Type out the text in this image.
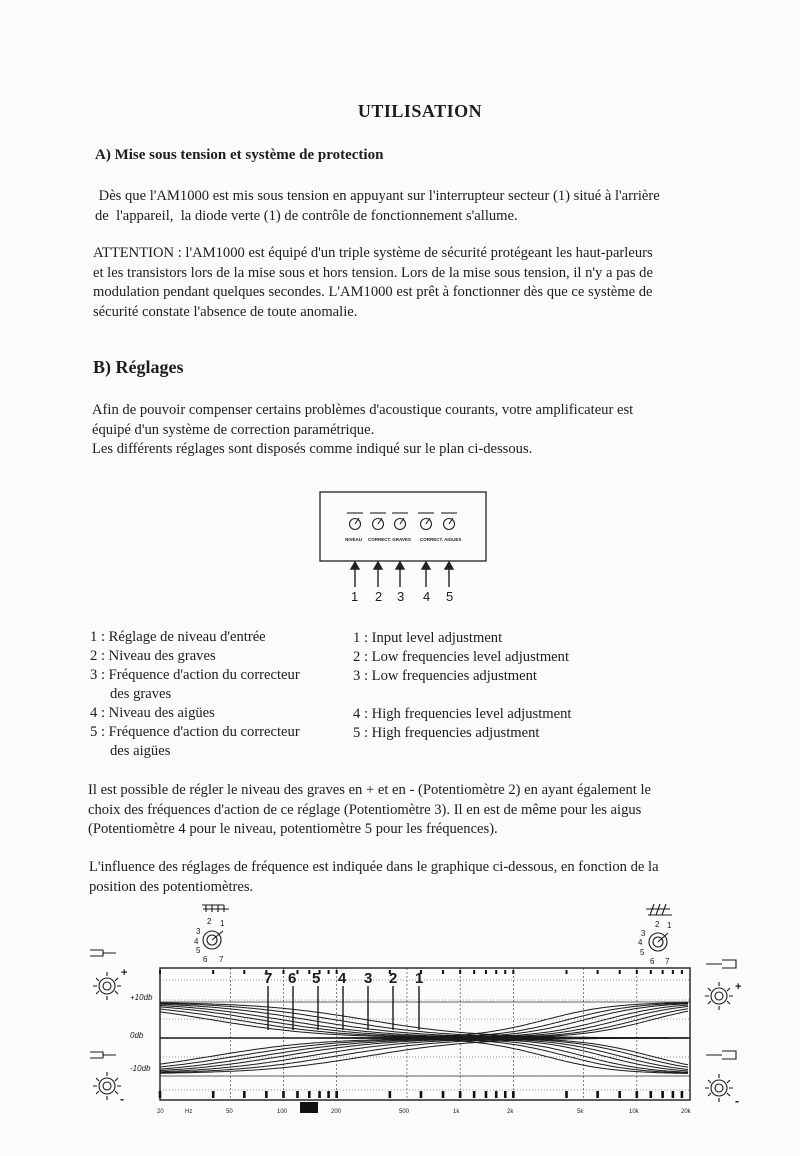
UTILISATION
A) Mise sous tension et système de protection
Dès que l'AM1000 est mis sous tension en appuyant sur l'interrupteur secteur (1) situé à l'arrière
de  l'appareil,  la diode verte (1) de contrôle de fonctionnement s'allume.
ATTENTION : l'AM1000 est équipé d'un triple système de sécurité protégeant les haut-parleurs
et les transistors lors de la mise sous et hors tension. Lors de la mise sous tension, il n'y a pas de
modulation pendant quelques secondes. L'AM1000 est prêt à fonctionner dès que ce système de
sécurité constate l'absence de toute anomalie.
B) Réglages
Afin de pouvoir compenser certains problèmes d'acoustique courants, votre amplificateur est
équipé d'un système de correction paramétrique.
Les différents réglages sont disposés comme indiqué sur le plan ci-dessous.
NIVEAU CORRECT. GRAVES CORRECT. AIGUES
1 2 3 4 5
1 : Réglage de niveau d'entrée
2 : Niveau des graves
3 : Fréquence d'action du correcteur
des graves
4 : Niveau des aigües
5 : Fréquence d'action du correcteur
des aigües
1 : Input level adjustment
2 : Low frequencies level adjustment
3 : Low frequencies adjustment
4 : High frequencies level adjustment
5 : High frequencies adjustment
Il est possible de régler le niveau des graves en + et en - (Potentiomètre 2) en ayant également le
choix des fréquences d'action de ce réglage (Potentiomètre 3). Il en est de même pour les aigus
(Potentiomètre 4 pour le niveau, potentiomètre 5 pour les fréquences).
L'influence des réglages de fréquence est indiquée dans le graphique ci-dessous, en fonction de la
position des potentiomètres.
7 6 5 4 3 2 1
+10db
0db
-10db
20	Hz	50	100	200	500	1k	2k	5k	10k	20k
2 1
3
4
5
6 7
2 1
3
4
5
6 7
+
-
+
-
